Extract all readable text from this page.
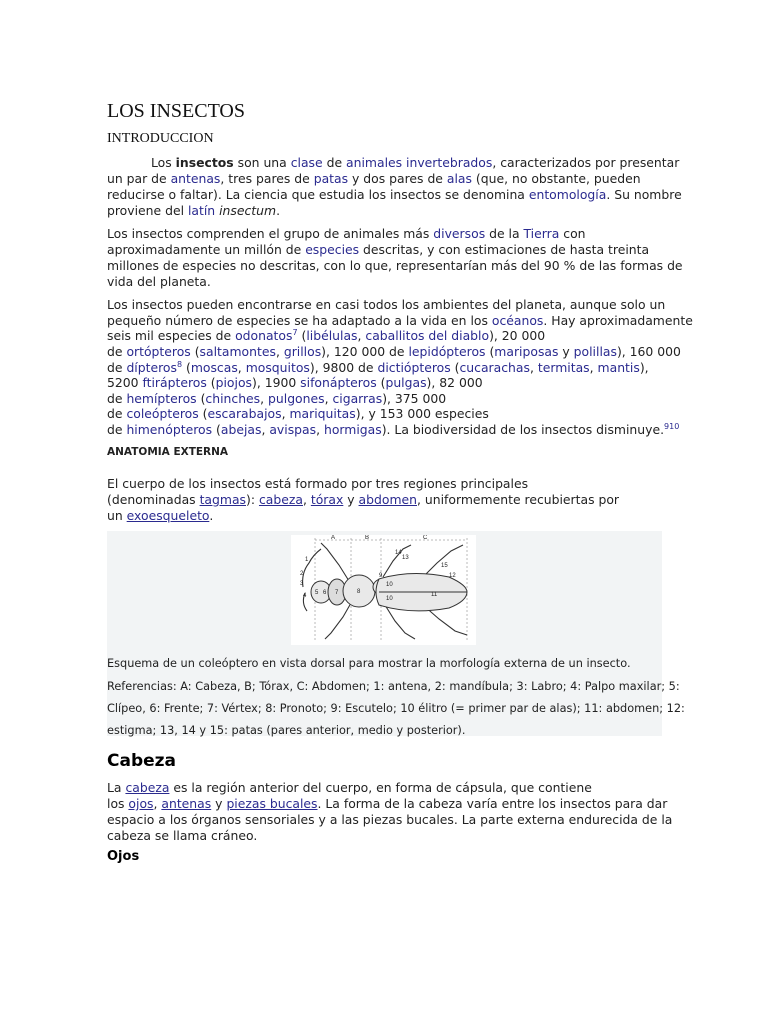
LOS INSECTOS
INTRODUCCION
Los insectos son una clase de animales invertebrados, caracterizados por presentar
un par de antenas, tres pares de patas y dos pares de alas (que, no obstante, pueden
reducirse o faltar). La ciencia que estudia los insectos se denomina entomología. Su nombre
proviene del latín insectum.
Los insectos comprenden el grupo de animales más diversos de la Tierra con
aproximadamente un millón de especies descritas, y con estimaciones de hasta treinta
millones de especies no descritas, con lo que, representarían más del 90 % de las formas de
vida del planeta.
Los insectos pueden encontrarse en casi todos los ambientes del planeta, aunque solo un
pequeño número de especies se ha adaptado a la vida en los océanos. Hay aproximadamente
seis mil especies de odonatos$^7$ (libélulas, caballitos del diablo), 20 000
de ortópteros (saltamontes, grillos), 120 000 de lepidópteros (mariposas y polillas), 160 000
de dípteros$^8$ (moscas, mosquitos), 9800 de dictiópteros (cucarachas, termitas, mantis),
5200 ftirápteros (piojos), 1900 sifonápteros (pulgas), 82 000
de hemípteros (chinches, pulgones, cigarras), 375 000
de coleópteros (escarabajos, mariquitas), y 153 000 especies
de himenópteros (abejas, avispas, hormigas). La biodiversidad de los insectos disminuye.$^{910}$
ANATOMIA EXTERNA
El cuerpo de los insectos está formado por tres regiones principales
(denominadas tagmas): cabeza, tórax y abdomen, uniformemente recubiertas por
un exoesqueleto.
A	B	C
1
2
3
4 5 6 7	8
9
10
10
11
12
13
14
15
Esquema de un coleóptero en vista dorsal para mostrar la morfología externa de un insecto.
Referencias: A: Cabeza, B; Tórax, C: Abdomen; 1: antena, 2: mandíbula; 3: Labro; 4: Palpo maxilar; 5:
Clípeo, 6: Frente; 7: Vértex; 8: Pronoto; 9: Escutelo; 10 élitro (= primer par de alas); 11: abdomen; 12:
estigma; 13, 14 y 15: patas (pares anterior, medio y posterior).
Cabeza
La cabeza es la región anterior del cuerpo, en forma de cápsula, que contiene
los ojos, antenas y piezas bucales. La forma de la cabeza varía entre los insectos para dar
espacio a los órganos sensoriales y a las piezas bucales. La parte externa endurecida de la
cabeza se llama cráneo.
Ojos
